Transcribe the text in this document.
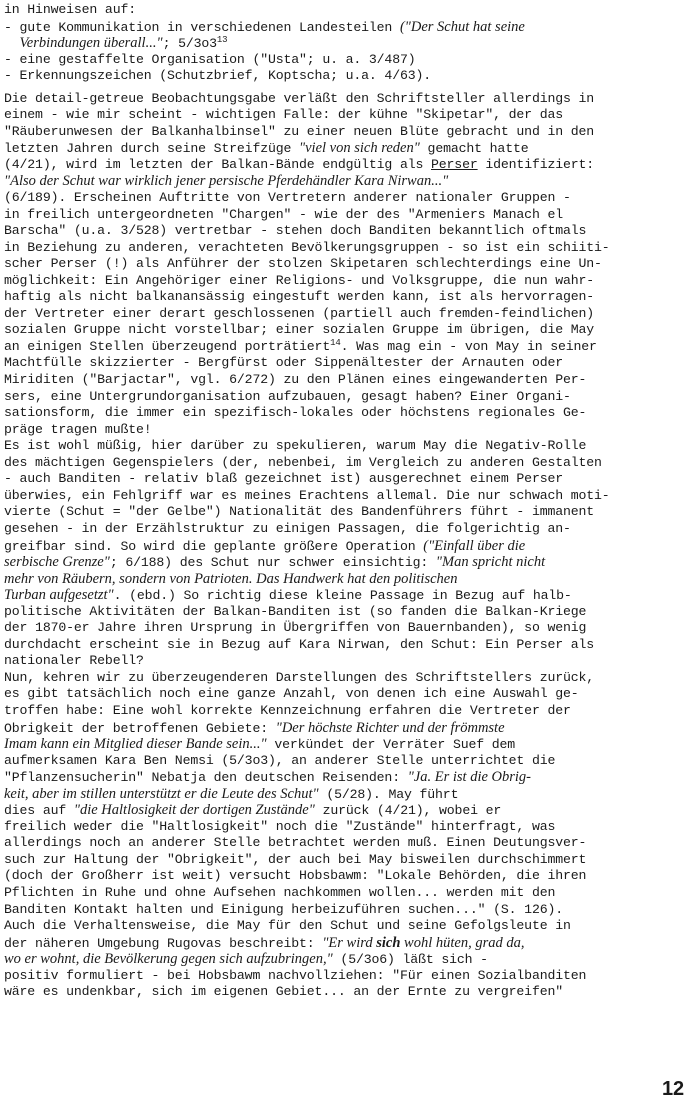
in Hinweisen auf:
- gute Kommunikation in verschiedenen Landesteilen ("Der Schut hat seine
Verbindungen überall..."; $5/3o3^{13}$
- eine gestaffelte Organisation ("Usta"; u. a. 3/487)
- Erkennungszeichen (Schutzbrief, Koptscha; u.a. 4/63).
Die detail-getreue Beobachtungsgabe verläßt den Schriftsteller allerdings in
einem - wie mir scheint - wichtigen Falle: der kühne "Skipetar", der das
"Räuberunwesen der Balkanhalbinsel" zu einer neuen Blüte gebracht und in den
letzten Jahren durch seine Streifzüge "viel von sich reden" gemacht hatte
(4/21), wird im letzten der Balkan-Bände endgültig als Perser identifiziert:
"Also der Schut war wirklich jener persische Pferdehändler Kara Nirwan..."
(6/189). Erscheinen Auftritte von Vertretern anderer nationaler Gruppen -
in freilich untergeordneten "Chargen" - wie der des "Armeniers Manach el
Barscha" (u.a. 3/528) vertretbar - stehen doch Banditen bekanntlich oftmals
in Beziehung zu anderen, verachteten Bevölkerungsgruppen - so ist ein schiiti-
scher Perser (!) als Anführer der stolzen Skipetaren schlechterdings eine Un-
möglichkeit: Ein Angehöriger einer Religions- und Volksgruppe, die nun wahr-
haftig als nicht balkanansässig eingestuft werden kann, ist als hervorragen-
der Vertreter einer derart geschlossenen (partiell auch fremden-feindlichen)
sozialen Gruppe nicht vorstellbar; einer sozialen Gruppe im übrigen, die May
an einigen Stellen überzeugend porträtiert$^{14}$. Was mag ein - von May in seiner
Machtfülle skizzierter - Bergfürst oder Sippenältester der Arnauten oder
Miriditen ("Barjactar", vgl. 6/272) zu den Plänen eines eingewanderten Per-
sers, eine Untergrundorganisation aufzubauen, gesagt haben? Einer Organi-
sationsform, die immer ein spezifisch-lokales oder höchstens regionales Ge-
präge tragen mußte!
Es ist wohl müßig, hier darüber zu spekulieren, warum May die Negativ-Rolle
des mächtigen Gegenspielers (der, nebenbei, im Vergleich zu anderen Gestalten
- auch Banditen - relativ blaß gezeichnet ist) ausgerechnet einem Perser
überwies, ein Fehlgriff war es meines Erachtens allemal. Die nur schwach moti-
vierte (Schut = "der Gelbe") Nationalität des Bandenführers führt - immanent
gesehen - in der Erzählstruktur zu einigen Passagen, die folgerichtig an-
greifbar sind. So wird die geplante größere Operation ("Einfall über die
serbische Grenze"; 6/188) des Schut nur schwer einsichtig: "Man spricht nicht
mehr von Räubern, sondern von Patrioten. Das Handwerk hat den politischen
Turban aufgesetzt". (ebd.) So richtig diese kleine Passage in Bezug auf halb-
politische Aktivitäten der Balkan-Banditen ist (so fanden die Balkan-Kriege
der 1870-er Jahre ihren Ursprung in Übergriffen von Bauernbanden), so wenig
durchdacht erscheint sie in Bezug auf Kara Nirwan, den Schut: Ein Perser als
nationaler Rebell?
Nun, kehren wir zu überzeugenderen Darstellungen des Schriftstellers zurück,
es gibt tatsächlich noch eine ganze Anzahl, von denen ich eine Auswahl ge-
troffen habe: Eine wohl korrekte Kennzeichnung erfahren die Vertreter der
Obrigkeit der betroffenen Gebiete: "Der höchste Richter und der frömmste
Imam kann ein Mitglied dieser Bande sein..." verkündet der Verräter Suef dem
aufmerksamen Kara Ben Nemsi (5/3o3), an anderer Stelle unterrichtet die
"Pflanzensucherin" Nebatja den deutschen Reisenden: "Ja. Er ist die Obrig-
keit, aber im stillen unterstützt er die Leute des Schut" (5/28). May führt
dies auf "die Haltlosigkeit der dortigen Zustände" zurück (4/21), wobei er
freilich weder die "Haltlosigkeit" noch die "Zustände" hinterfragt, was
allerdings noch an anderer Stelle betrachtet werden muß. Einen Deutungsver-
such zur Haltung der "Obrigkeit", der auch bei May bisweilen durchschimmert
(doch der Großherr ist weit) versucht Hobsbawm: "Lokale Behörden, die ihren
Pflichten in Ruhe und ohne Aufsehen nachkommen wollen... werden mit den
Banditen Kontakt halten und Einigung herbeizuführen suchen..." (S. 126).
Auch die Verhaltensweise, die May für den Schut und seine Gefolgsleute in
der näheren Umgebung Rugovas beschreibt: "Er wird sich wohl hüten, grad da,
wo er wohnt, die Bevölkerung gegen sich aufzubringen," (5/3o6) läßt sich -
positiv formuliert - bei Hobsbawm nachvollziehen: "Für einen Sozialbanditen
wäre es undenkbar, sich im eigenen Gebiet... an der Ernte zu vergreifen"
12
